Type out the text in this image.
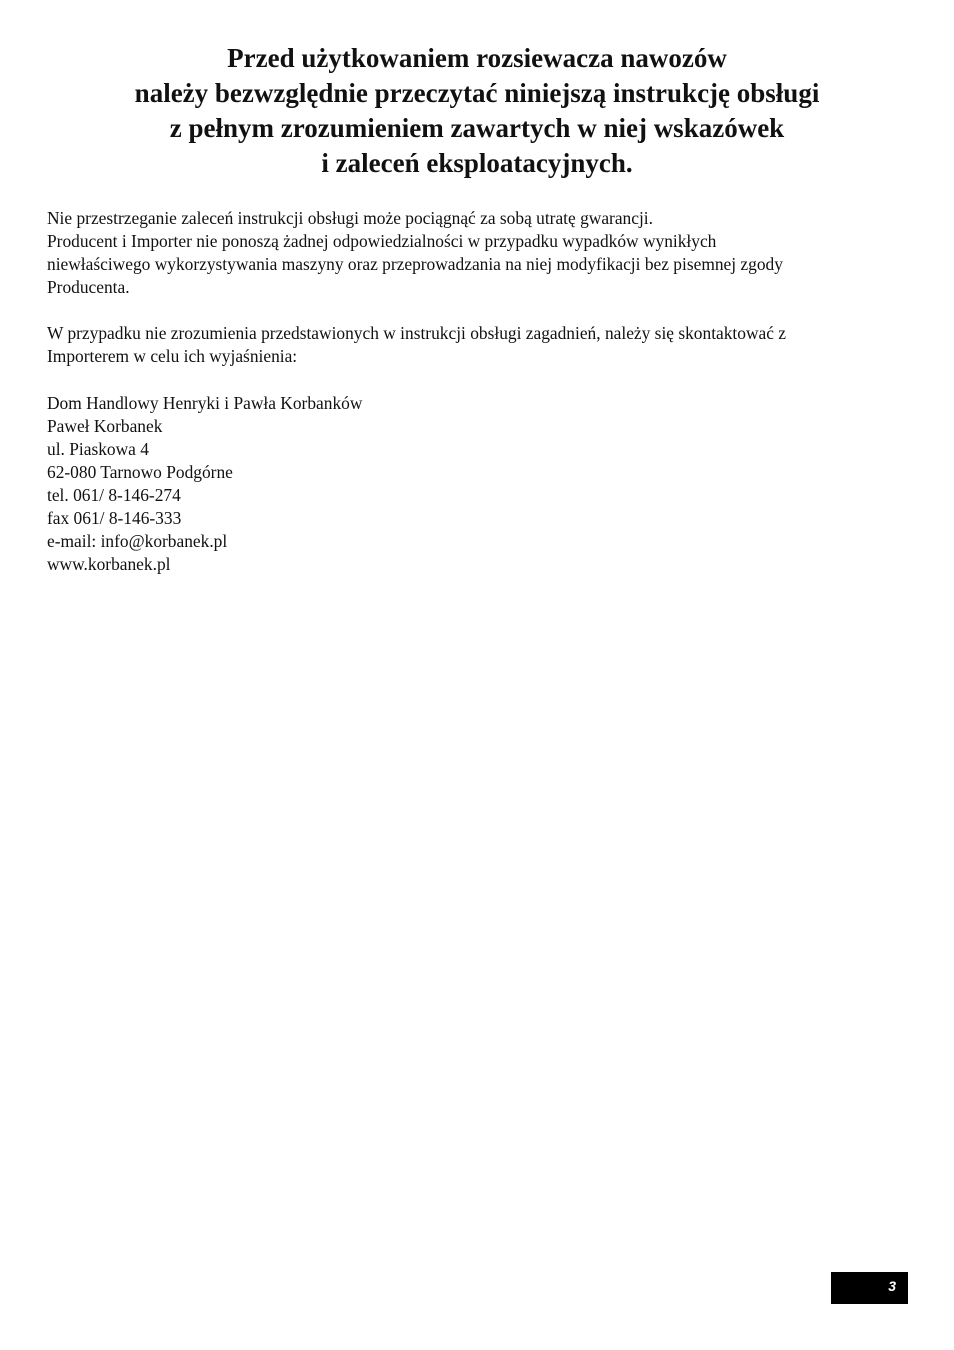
Przed użytkowaniem rozsiewacza nawozów
należy bezwzględnie przeczytać niniejszą instrukcję obsługi
z pełnym zrozumieniem zawartych w niej wskazówek
i zaleceń eksploatacyjnych.

Nie przestrzeganie zaleceń instrukcji obsługi może pociągnąć za sobą utratę gwarancji.
Producent i Importer nie ponoszą żadnej odpowiedzialności w przypadku wypadków wynikłych
niewłaściwego wykorzystywania maszyny oraz przeprowadzania na niej modyfikacji bez pisemnej zgody
Producenta.

W przypadku nie zrozumienia przedstawionych w instrukcji obsługi zagadnień, należy się skontaktować z
Importerem w celu ich wyjaśnienia:

Dom Handlowy Henryki i Pawła Korbanków
Paweł Korbanek
ul. Piaskowa 4
62-080 Tarnowo Podgórne
tel. 061/ 8-146-274
fax 061/ 8-146-333
e-mail: info@korbanek.pl
www.korbanek.pl
3
